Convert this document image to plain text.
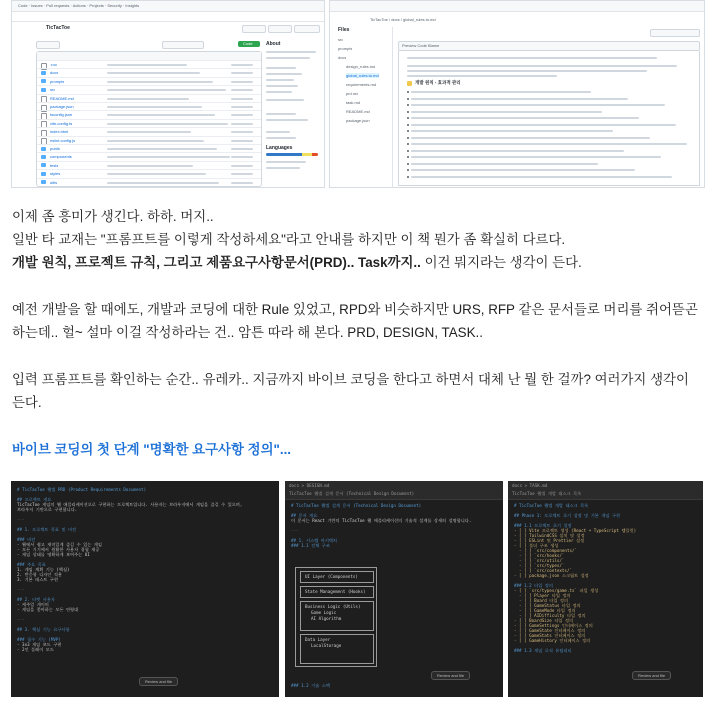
Code · Issues · Pull requests · Actions · Projects · Security · Insights
TicTacToe
Code
.roo
docs
prompts
src
README.md
package.json
tsconfig.json
vite.config.ts
index.html
eslint.config.js
public
components
tests
styles
utils
About
Languages
TicTacToe / docs / global_rules.to.md
Files
src
prompts
docs
design_rules.md
global_rules.to.md
requirements.md
prd.md
task.md
README.md
package.json
Preview Code Blame
개발 원칙 - 효과적 관리

이제 좀 흥미가 생긴다. 하하. 머지..

일반 타 교재는 "프롬프트를 이렇게 작성하세요"라고 안내를 하지만 이 책 뭔가 좀 확실히 다르다.

개발 원칙, 프로젝트 규칙, 그리고 제품요구사항문서(PRD).. Task까지.. 이건 뭐지라는 생각이 든다.

예전 개발을 할 때에도, 개발과 코딩에 대한 Rule 있었고, RPD와 비슷하지만 URS, RFP 같은 문서들로 머리를 쥐어뜯곤

하는데.. 헐~ 설마 이걸 작성하라는 건.. 암튼 따라 해 본다. PRD, DESIGN, TASK..

입력 프롬프트를 확인하는 순간.. 유레카.. 지금까지 바이브 코딩을 한다고 하면서 대체 난 뭘 한 걸까? 여러가지 생각이

든다.

바이브 코딩의 첫 단계 "명확한 요구사항 정의"...

# TicTacToe 웹앱 PRD (Product Requirements Document)

## 프로젝트 개요
TicTacToe 게임의 웹 애플리케이션으로 구현하는 프로젝트입니다. 사용자는 브라우저에서 게임을 즐길 수 있으며,
브라우저 기반으로 구현합니다.

---

## 1. 프로젝트 목표 및 비전

### 비전
- 웹에서 쉽고 재미있게 즐길 수 있는 게임
- 모든 기기에서 원활한 사용자 경험 제공
- 게임 상태를 명확하게 보여주는 UI

### 주요 목표
1. 게임 계획 기능 (핵심)
2. 반응형 디자인 적용
3. 기본 테스트 구현

---

## 2. 타겟 사용자
- 캐주얼 게이머
- 게임을 좋아하는 모든 연령대

---

## 3. 핵심 기능 요구사항

### 필수 기능 (MVP)
- 3x3 게임 보드 구현
- 2인 플레이 모드
Review and file
docs > DESIGN.md
TicTacToe 웹앱 설계 문서 (Technical Design Document)
# TicTacToe 웹앱 설계 문서 (Technical Design Document)

## 문서 개요
이 문서는 React 기반의 TicTacToe 웹 애플리케이션의 기술적 설계를 상세히 설명합니다.

---

## 1. 시스템 아키텍처
### 1.1 전체 구조
UI Layer (Components)
State Management (Hooks)
Business Logic (Utils)
Game Logic
AI Algorithm
Data Layer
LocalStorage
### 1.2 기술 스택
Review and file
docs > TASK.md
TicTacToe 웹앱 개발 태스크 목록
# TicTacToe 웹앱 개발 태스크 목록

## Phase 1: 프로젝트 초기 설정 및 기본 게임 구현

### 1.1 프로젝트 초기 설정
- [ ] Vite 프로젝트 생성 (React + TypeScript 템플릿)
- [ ] TailwindCSS 설치 및 설정
- [ ] ESLint 및 Prettier 설정
- [ ] 폴더 구조 생성
- [ ] `src/components/`
- [ ] `src/hooks/`
- [ ] `src/utils/`
- [ ] `src/types/`
- [ ] `src/contexts/`
- [ ] package.json 스크립트 설정

### 1.2 타입 정의
- [ ] `src/types/game.ts` 파일 생성
- [ ] Player 타입 정의
- [ ] Board 타입 정의
- [ ] GameStatus 타입 정의
- [ ] GameMode 타입 정의
- [ ] AIDifficulty 타입 정의
- [ ] BoardSize 타입 정의
- [ ] GameSettings 인터페이스 정의
- [ ] GameState 인터페이스 정의
- [ ] GameStats 인터페이스 정의
- [ ] GameHistory 인터페이스 정의

### 1.3 게임 로직 유틸리티
Review and file
